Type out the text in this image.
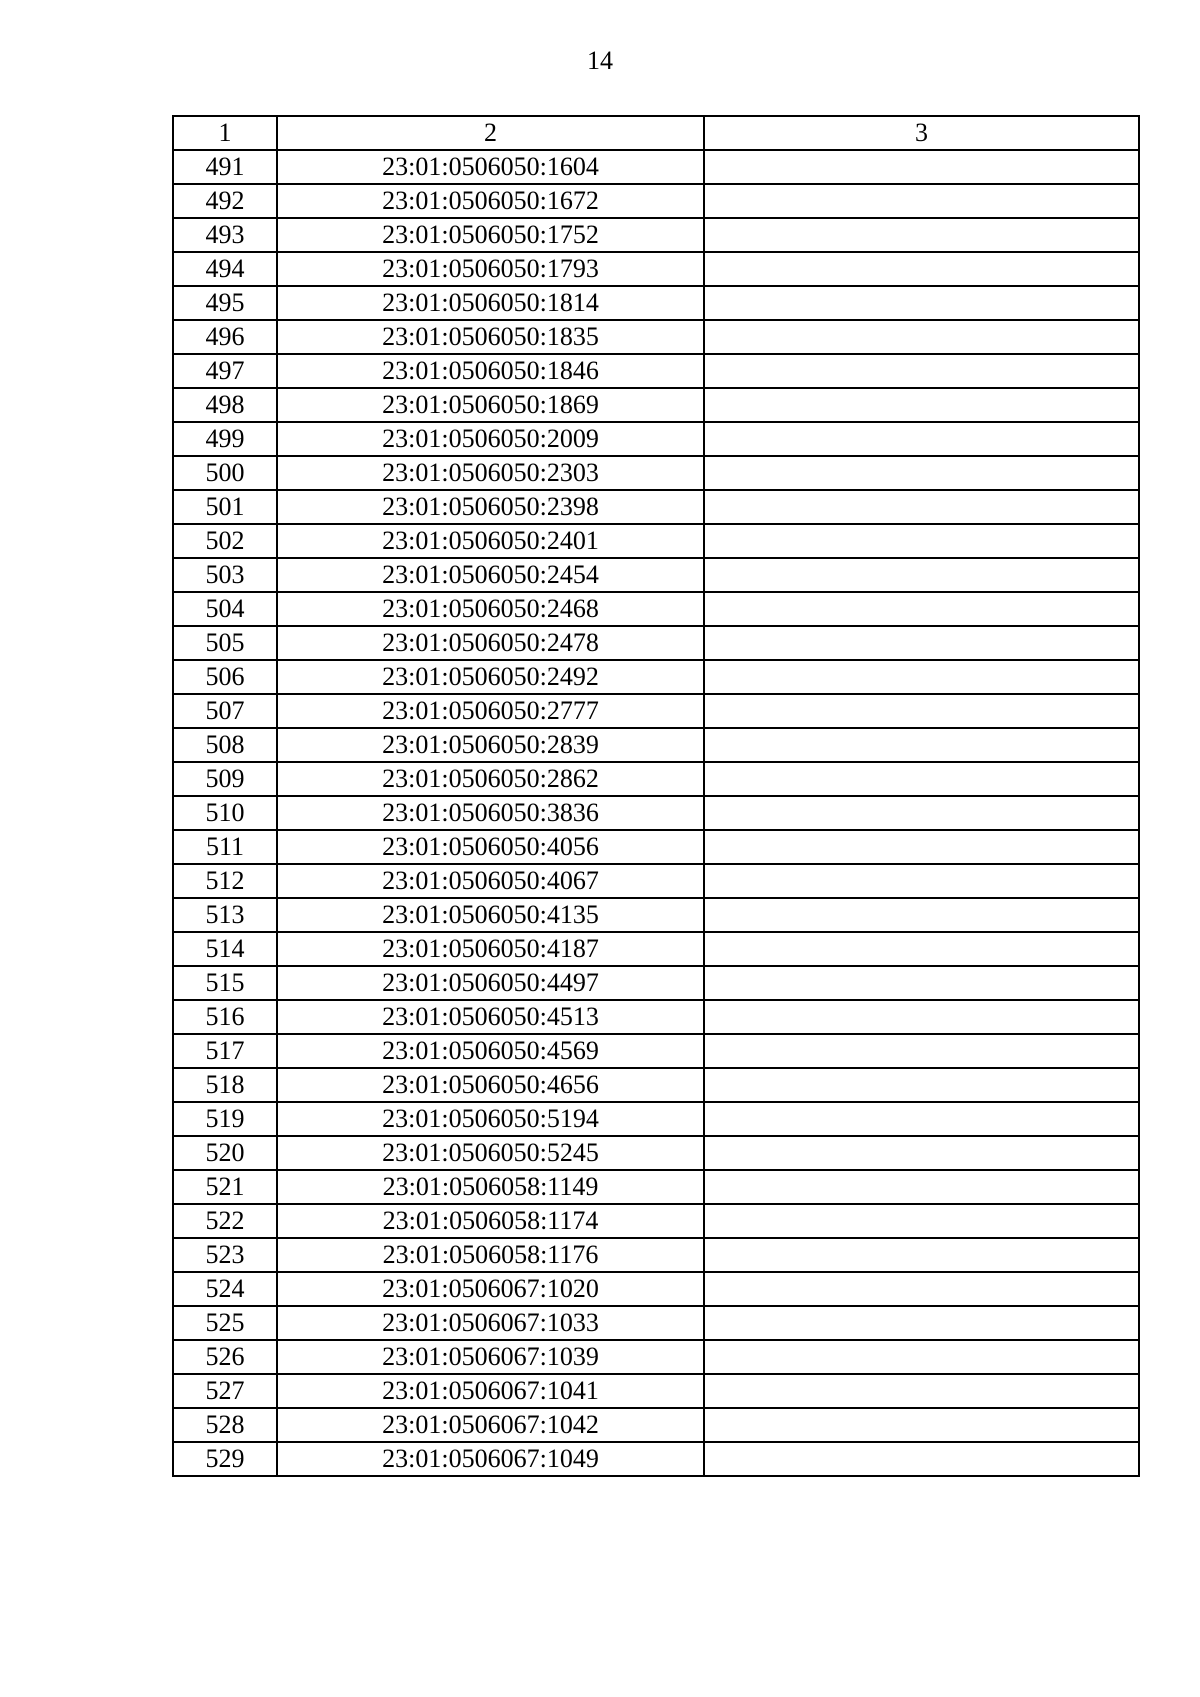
14
1	2	3
491	23:01:0506050:1604	
492	23:01:0506050:1672	
493	23:01:0506050:1752	
494	23:01:0506050:1793	
495	23:01:0506050:1814	
496	23:01:0506050:1835	
497	23:01:0506050:1846	
498	23:01:0506050:1869	
499	23:01:0506050:2009	
500	23:01:0506050:2303	
501	23:01:0506050:2398	
502	23:01:0506050:2401	
503	23:01:0506050:2454	
504	23:01:0506050:2468	
505	23:01:0506050:2478	
506	23:01:0506050:2492	
507	23:01:0506050:2777	
508	23:01:0506050:2839	
509	23:01:0506050:2862	
510	23:01:0506050:3836	
511	23:01:0506050:4056	
512	23:01:0506050:4067	
513	23:01:0506050:4135	
514	23:01:0506050:4187	
515	23:01:0506050:4497	
516	23:01:0506050:4513	
517	23:01:0506050:4569	
518	23:01:0506050:4656	
519	23:01:0506050:5194	
520	23:01:0506050:5245	
521	23:01:0506058:1149	
522	23:01:0506058:1174	
523	23:01:0506058:1176	
524	23:01:0506067:1020	
525	23:01:0506067:1033	
526	23:01:0506067:1039	
527	23:01:0506067:1041	
528	23:01:0506067:1042	
529	23:01:0506067:1049	
